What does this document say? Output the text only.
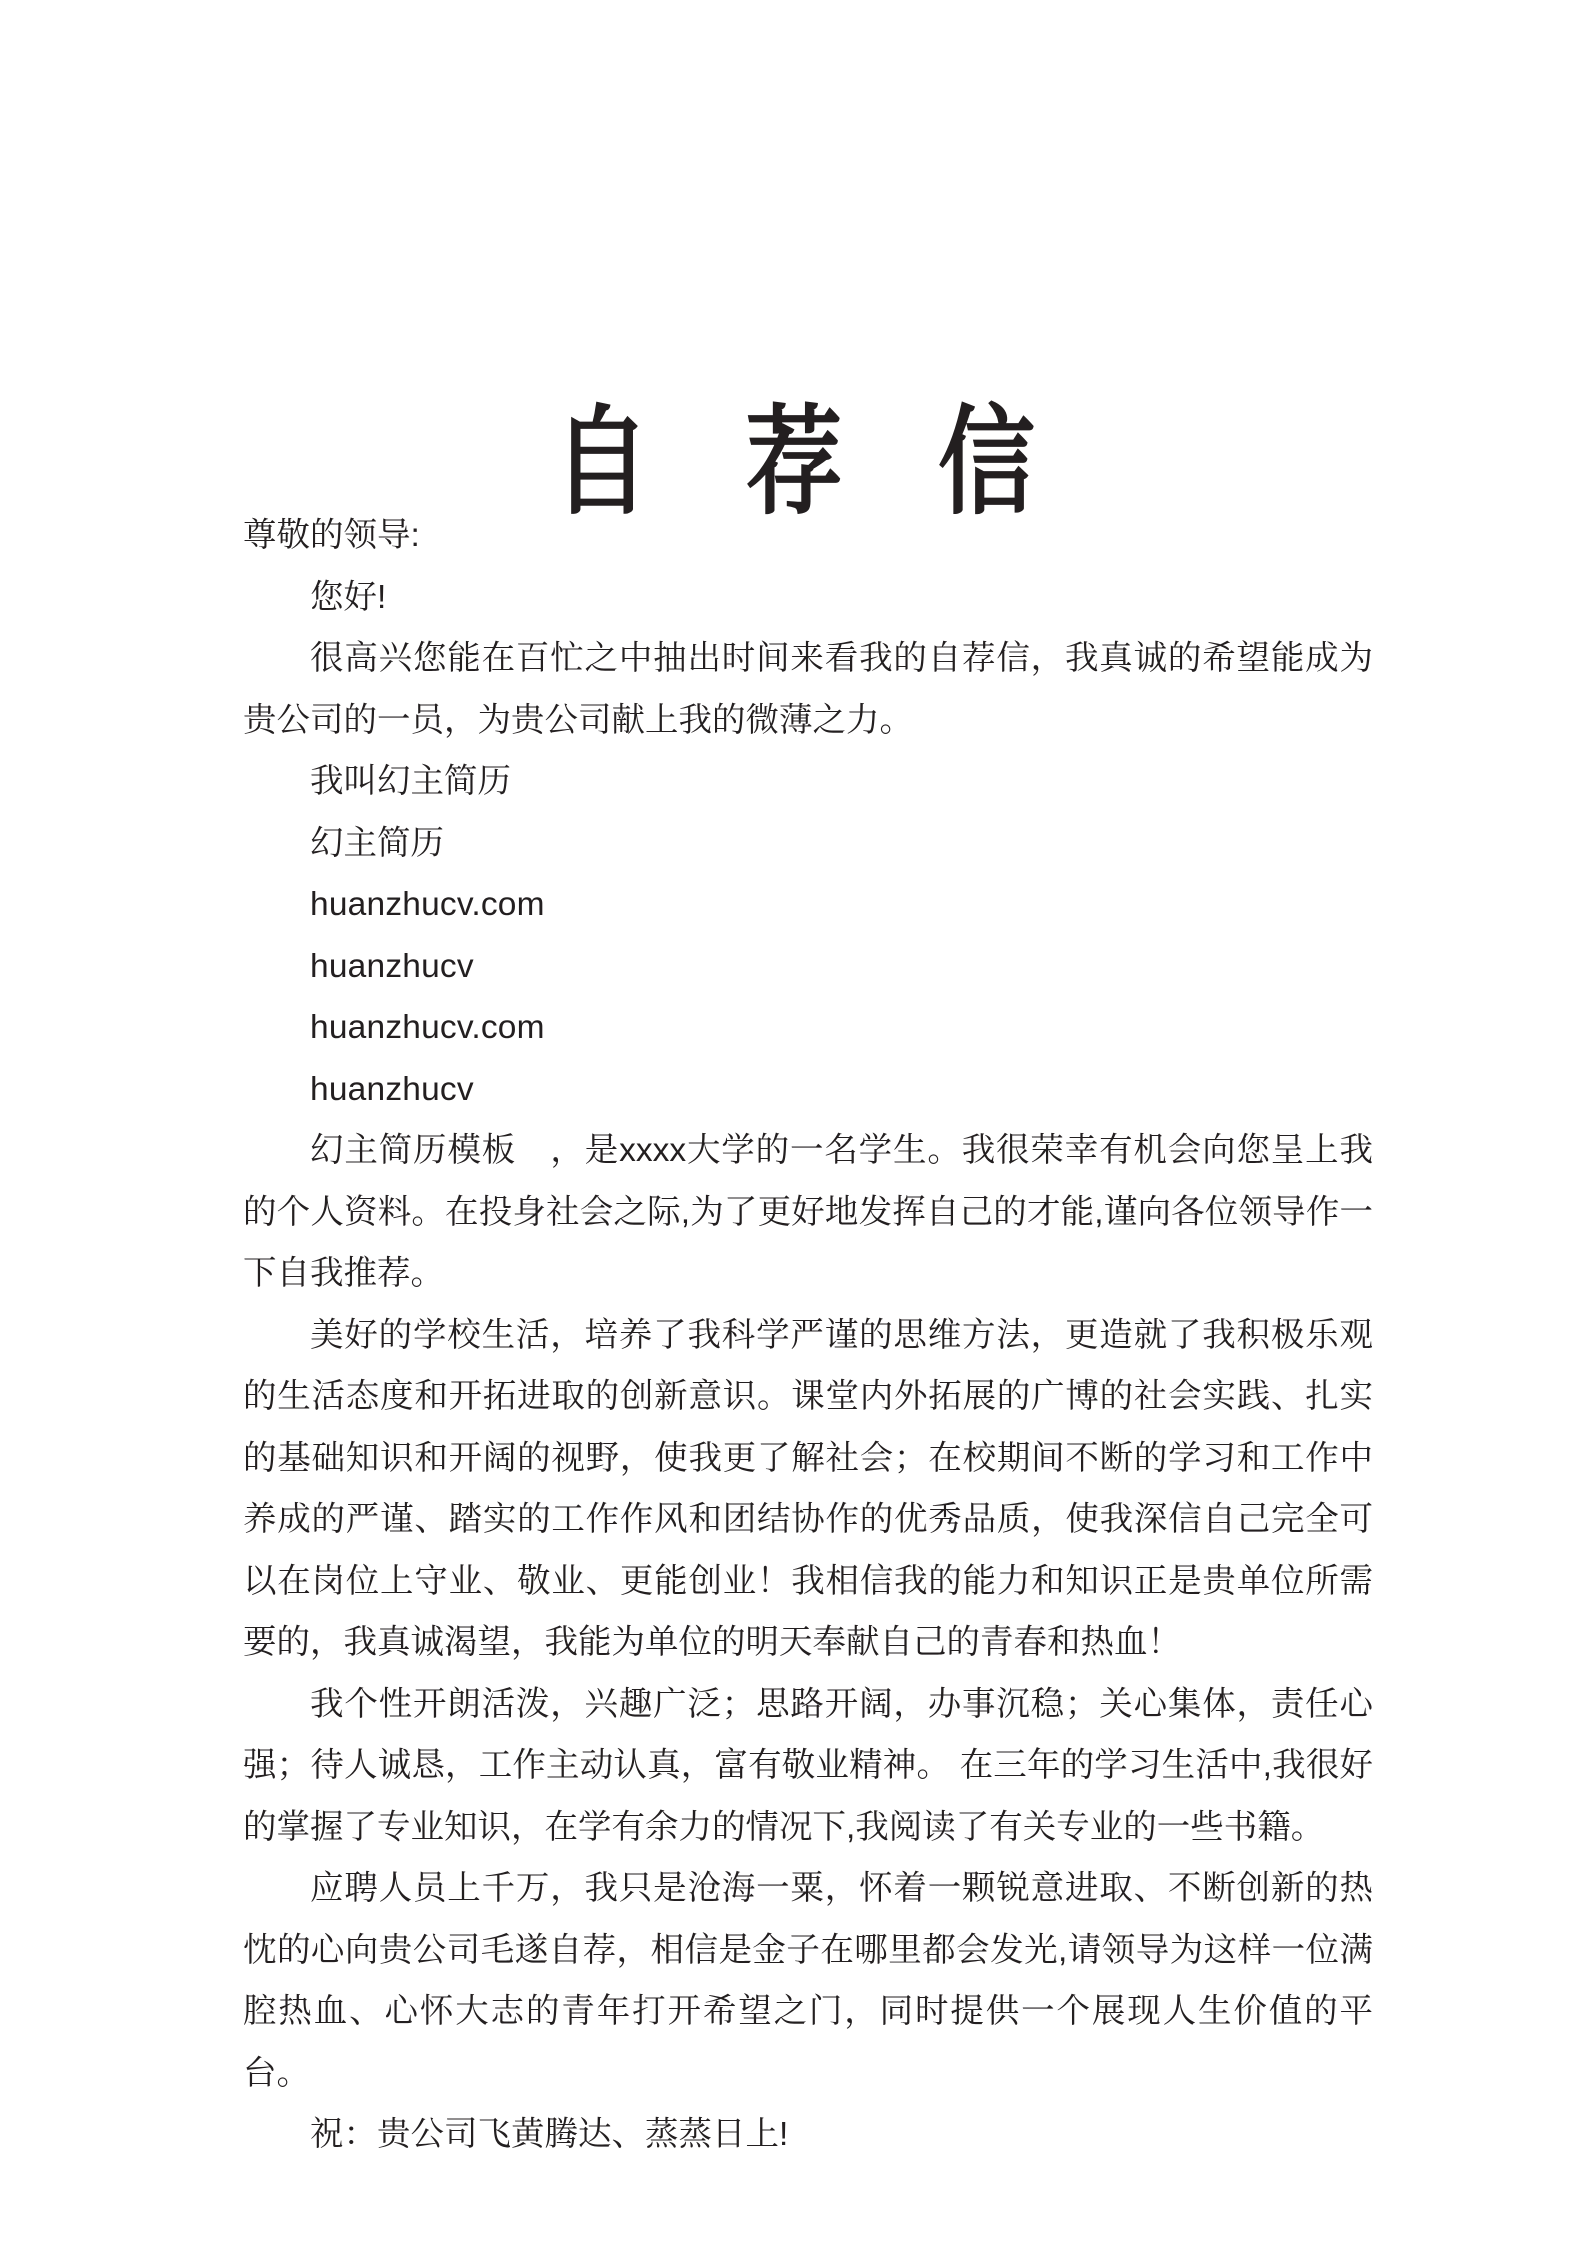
自 荐 信

尊敬的领导:

您好!

很高兴您能在百忙之中抽出时间来看我的自荐信，我真诚的希望能成为贵公司的一员，为贵公司献上我的微薄之力。

我叫幻主简历

幻主简历

huanzhucv.com

huanzhucv

huanzhucv.com

huanzhucv

幻主简历模板　，是xxxx大学的一名学生。我很荣幸有机会向您呈上我的个人资料。在投身社会之际,为了更好地发挥自己的才能,谨向各位领导作一下自我推荐。

美好的学校生活，培养了我科学严谨的思维方法，更造就了我积极乐观的生活态度和开拓进取的创新意识。课堂内外拓展的广博的社会实践、扎实的基础知识和开阔的视野，使我更了解社会；在校期间不断的学习和工作中养成的严谨、踏实的工作作风和团结协作的优秀品质，使我深信自己完全可以在岗位上守业、敬业、更能创业！我相信我的能力和知识正是贵单位所需要的，我真诚渴望，我能为单位的明天奉献自己的青春和热血！

我个性开朗活泼，兴趣广泛；思路开阔，办事沉稳；关心集体，责任心强；待人诚恳，工作主动认真，富有敬业精神。 在三年的学习生活中,我很好的掌握了专业知识，在学有余力的情况下,我阅读了有关专业的一些书籍。

应聘人员上千万，我只是沧海一粟，怀着一颗锐意进取、不断创新的热忱的心向贵公司毛遂自荐，相信是金子在哪里都会发光,请领导为这样一位满腔热血、心怀大志的青年打开希望之门，同时提供一个展现人生价值的平台。

祝：贵公司飞黄腾达、蒸蒸日上!
